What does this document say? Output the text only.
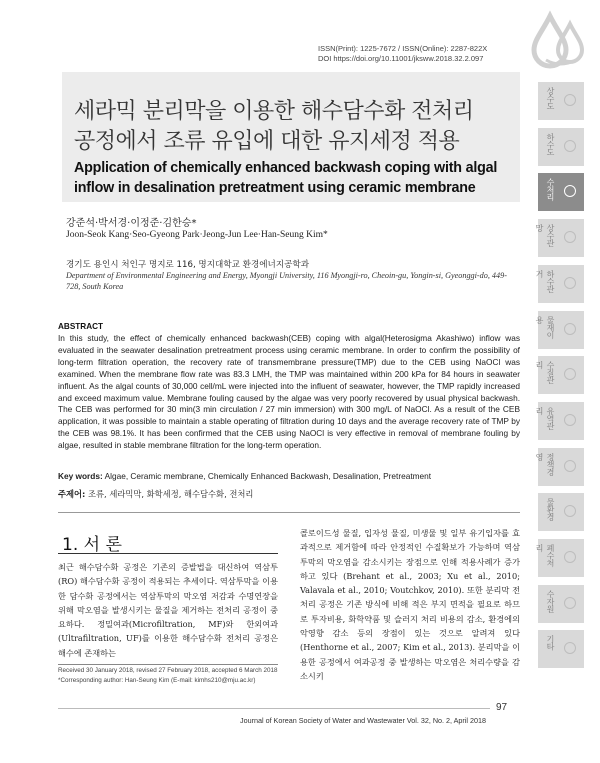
ISSN(Print): 1225-7672 / ISSN(Online): 2287-822X
DOI https://doi.org/10.11001/jksww.2018.32.2.097
세라믹 분리막을 이용한 해수담수화 전처리
공정에서 조류 유입에 대한 유지세정 적용
Application of chemically enhanced backwash coping with algal
inflow in desalination pretreatment using ceramic membrane
강준석·박서경·이정준·김한승*
Joon-Seok Kang·Seo-Gyeong Park·Jeong-Jun Lee·Han-Seung Kim*
경기도 용인시 처인구 명지로 116, 명지대학교 환경에너지공학과
Department of Environmental Engineering and Energy, Myongji University, 116 Myongji-ro, Cheoin-gu, Yongin-si, Gyeonggi-do, 449-728, South Korea
ABSTRACT
In this study, the effect of chemically enhanced backwash(CEB) coping with algal(Heterosigma Akashiwo) inflow was evaluated in the seawater desalination pretreatment process using ceramic membrane. In order to confirm the possibility of long-term filtration operation, the recovery rate of transmembrane pressure(TMP) due to the CEB using NaOCl was examined. When the membrane flow rate was 83.3 LMH, the TMP was maintained within 200 kPa for 84 hours in seawater influent. As the algal counts of 30,000 cell/mL were injected into the influent of seawater, however, the TMP rapidly increased and exceed maximum value. Membrane fouling caused by the algae was very poorly recovered by usual physical backwash. The CEB was performed for 30 min(3 min circulation / 27 min immersion) with 300 mg/L of NaOCl. As a result of the CEB application, it was possible to maintain a stable operating of filtration during 10 days and the average recovery rate of TMP by the CEB was 98.1%. It has been confirmed that the CEB using NaOCl is very effective in removal of membrane fouling by algae, resulted in stable membrane filtration for the long-term operation.
Key words: Algae, Ceramic membrane, Chemically Enhanced Backwash, Desalination, Pretreatment
주제어: 조류, 세라믹막, 화학세정, 해수담수화, 전처리
1. 서 론
최근 해수담수화 공정은 기존의 증발법을 대신하여 역삼투(RO) 해수담수화 공정이 적용되는 추세이다. 역삼투막을 이용한 담수화 공정에서는 역삼투막의 막오염 저감과 수명연장을 위해 막오염을 발생시키는 물질을 제거하는 전처리 공정이 중요하다. 정밀여과(Microfiltration, MF)와 한외여과(Ultrafiltration, UF)를 이용한 해수담수화 전처리 공정은 해수에 존재하는
Received 30 January 2018, revised 27 February 2018, accepted 6 March 2018
*Corresponding author: Han-Seung Kim (E-mail: kimhs210@mju.ac.kr)
콜로이드성 물질, 입자성 물질, 미생물 및 일부 유기입자를 효과적으로 제거함에 따라 안정적인 수질확보가 가능하며 역삼투막의 막오염을 감소시키는 장점으로 인해 적용사례가 증가하고 있다 (Brehant et al., 2003; Xu et al., 2010; Valavala et al., 2010; Voutchkov, 2010). 또한 분리막 전처리 공정은 기존 방식에 비해 적은 부지 면적을 필요로 하므로 투자비용, 화학약품 및 슬러지 처리 비용의 감소, 환경에의 악영향 감소 등의 장점이 있는 것으로 알려져 있다 (Henthorne et al., 2007; Kim et al., 2013). 분리막을 이용한 공정에서 여과공정 중 발생하는 막오염은 처리수량을 감소시키
97
Journal of Korean Society of Water and Wastewater Vol. 32, No. 2, April 2018
상수도
하수도
수처리
상수관망
하수관거
물재이용
수질관리
유역관리
정책경영
물환경
폐수처리
수자원
기타
